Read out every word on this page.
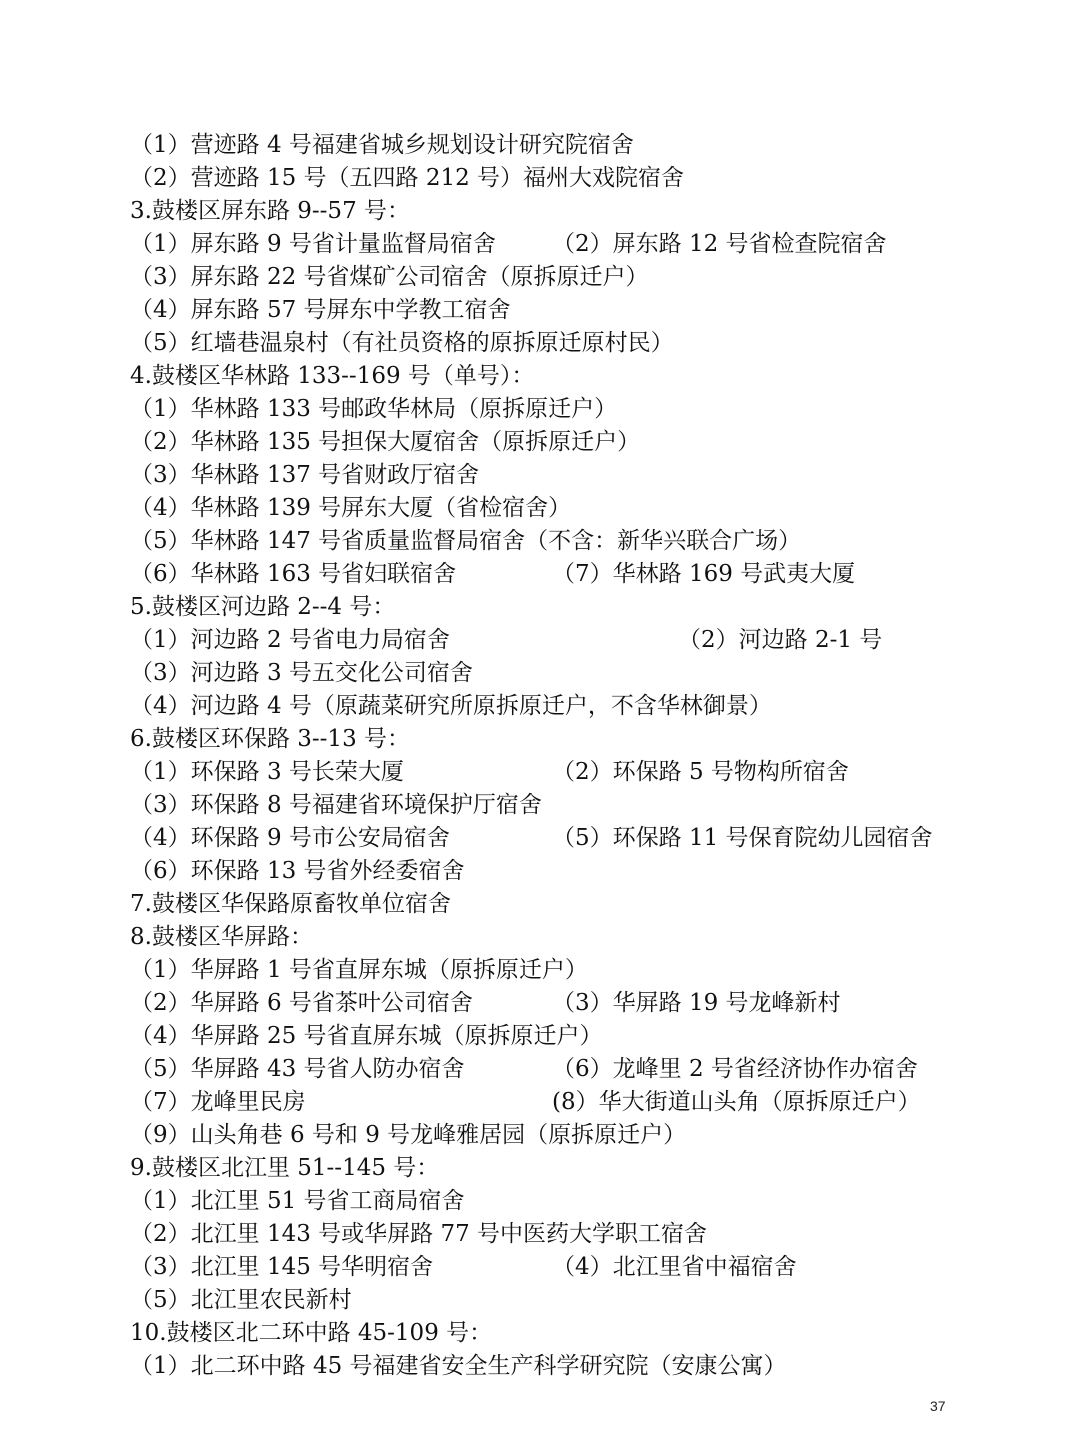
（1）营迹路 4 号福建省城乡规划设计研究院宿舍
（2）营迹路 15 号（五四路 212 号）福州大戏院宿舍
3.鼓楼区屏东路 9--57 号：
（1）屏东路 9 号省计量监督局宿舍 （2）屏东路 12 号省检查院宿舍
（3）屏东路 22 号省煤矿公司宿舍（原拆原迁户）
（4）屏东路 57 号屏东中学教工宿舍
（5）红墙巷温泉村（有社员资格的原拆原迁原村民）
4.鼓楼区华林路 133--169 号（单号）：
（1）华林路 133 号邮政华林局（原拆原迁户）
（2）华林路 135 号担保大厦宿舍（原拆原迁户）
（3）华林路 137 号省财政厅宿舍
（4）华林路 139 号屏东大厦（省检宿舍）
（5）华林路 147 号省质量监督局宿舍（不含：新华兴联合广场）
（6）华林路 163 号省妇联宿舍	（7）华林路 169 号武夷大厦
5.鼓楼区河边路 2--4 号：
（1）河边路 2 号省电力局宿舍	（2）河边路 2-1 号
（3）河边路 3 号五交化公司宿舍
（4）河边路 4 号（原蔬菜研究所原拆原迁户，不含华林御景）
6.鼓楼区环保路 3--13 号：
（1）环保路 3 号长荣大厦	（2）环保路 5 号物构所宿舍
（3）环保路 8 号福建省环境保护厅宿舍
（4）环保路 9 号市公安局宿舍	（5）环保路 11 号保育院幼儿园宿舍
（6）环保路 13 号省外经委宿舍
7.鼓楼区华保路原畜牧单位宿舍
8.鼓楼区华屏路：
（1）华屏路 1 号省直屏东城（原拆原迁户）
（2）华屏路 6 号省茶叶公司宿舍	（3）华屏路 19 号龙峰新村
（4）华屏路 25 号省直屏东城（原拆原迁户）
（5）华屏路 43 号省人防办宿舍	（6）龙峰里 2 号省经济协作办宿舍
（7）龙峰里民房	(8）华大街道山头角（原拆原迁户）
（9）山头角巷 6 号和 9 号龙峰雅居园（原拆原迁户）
9.鼓楼区北江里 51--145 号：
（1）北江里 51 号省工商局宿舍
（2）北江里 143 号或华屏路 77 号中医药大学职工宿舍
（3）北江里 145 号华明宿舍	（4）北江里省中福宿舍
（5）北江里农民新村
10.鼓楼区北二环中路 45-109 号：
（1）北二环中路 45 号福建省安全生产科学研究院（安康公寓）
37
